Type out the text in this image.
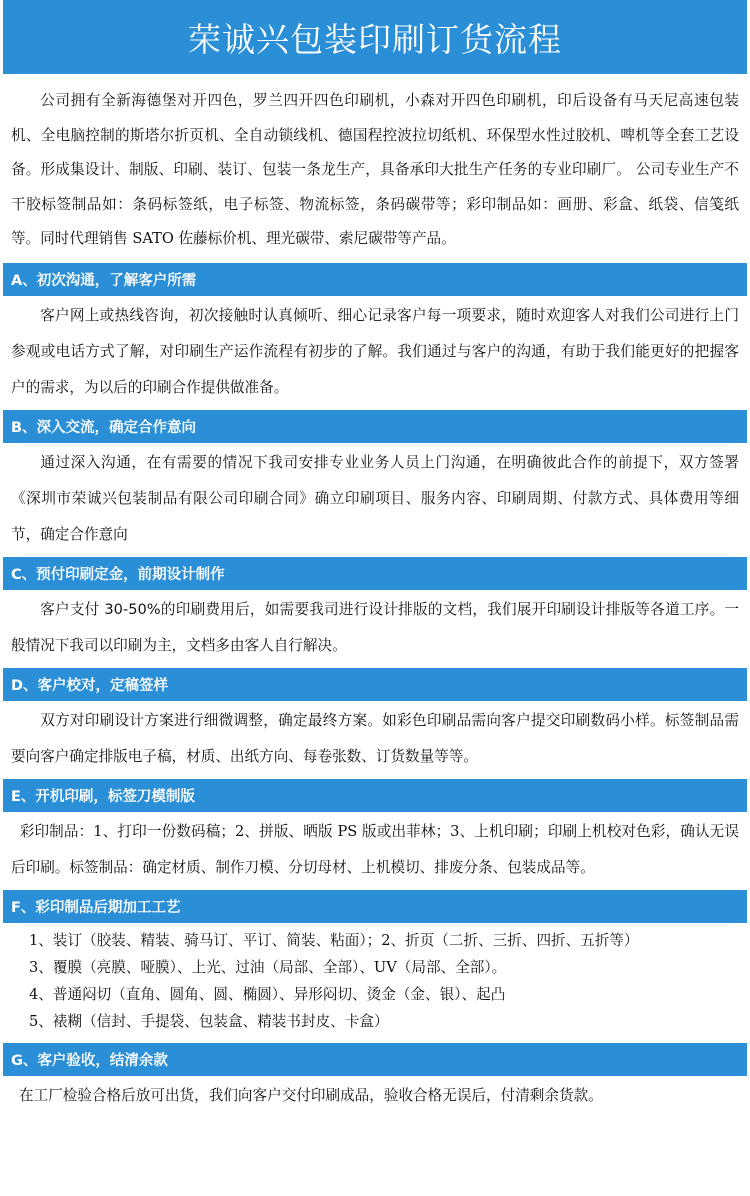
荣诚兴包装印刷订货流程
公司拥有全新海德堡对开四色，罗兰四开四色印刷机，小森对开四色印刷机，印后设备有马天尼高速包装机、全电脑控制的斯塔尔折页机、全自动锁线机、德国程控波拉切纸机、环保型水性过胶机、啤机等全套工艺设备。形成集设计、制版、印刷、装订、包装一条龙生产，具备承印大批生产任务的专业印刷厂。 公司专业生产不干胶标签制品如：条码标签纸，电子标签、物流标签，条码碳带等；彩印制品如：画册、彩盒、纸袋、信笺纸等。同时代理销售 SATO 佐藤标价机、理光碳带、索尼碳带等产品。
A、初次沟通，了解客户所需
客户网上或热线咨询，初次接触时认真倾听、细心记录客户每一项要求，随时欢迎客人对我们公司进行上门参观或电话方式了解，对印刷生产运作流程有初步的了解。我们通过与客户的沟通，有助于我们能更好的把握客户的需求，为以后的印刷合作提供做准备。
B、深入交流，确定合作意向
通过深入沟通，在有需要的情况下我司安排专业业务人员上门沟通，在明确彼此合作的前提下，双方签署《深圳市荣诚兴包装制品有限公司印刷合同》确立印刷项目、服务内容、印刷周期、付款方式、具体费用等细节，确定合作意向
C、预付印刷定金，前期设计制作
客户支付 30-50%的印刷费用后，如需要我司进行设计排版的文档，我们展开印刷设计排版等各道工序。一般情况下我司以印刷为主，文档多由客人自行解决。
D、客户校对，定稿签样
双方对印刷设计方案进行细微调整，确定最终方案。如彩色印刷品需向客户提交印刷数码小样。标签制品需要向客户确定排版电子稿，材质、出纸方向、每卷张数、订货数量等等。
E、开机印刷，标签刀模制版
彩印制品：1、打印一份数码稿；2、拼版、晒版 PS 版或出菲林；3、上机印刷；印刷上机校对色彩，确认无误后印刷。标签制品：确定材质、制作刀模、分切母材、上机模切、排废分条、包装成品等。
F、彩印制品后期加工工艺
1、装订（胶装、精装、骑马订、平订、简装、粘面）；2、折页（二折、三折、四折、五折等）
3、覆膜（亮膜、哑膜）、上光、过油（局部、全部）、UV（局部、全部）。
4、普通闷切（直角、圆角、圆、椭圆）、异形闷切、烫金（金、银）、起凸
5、裱糊（信封、手提袋、包装盒、精装书封皮、卡盒）
G、客户验收，结清余款
在工厂检验合格后放可出货，我们向客户交付印刷成品，验收合格无误后，付清剩余货款。
